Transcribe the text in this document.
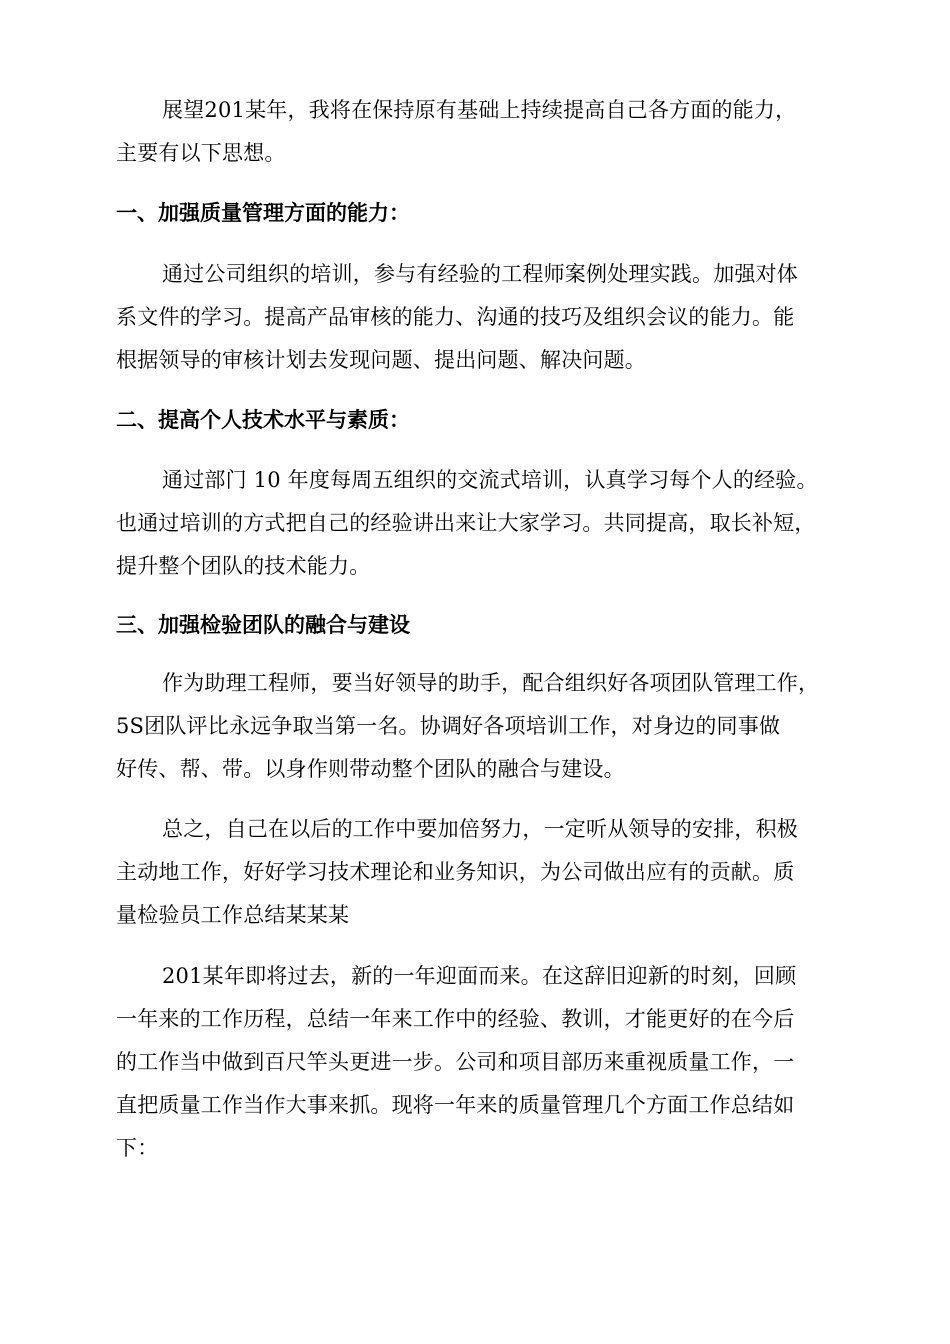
展望201某年，我将在保持原有基础上持续提高自己各方面的能力，
主要有以下思想。

一、加强质量管理方面的能力：

通过公司组织的培训，参与有经验的工程师案例处理实践。加强对体
系文件的学习。提高产品审核的能力、沟通的技巧及组织会议的能力。能
根据领导的审核计划去发现问题、提出问题、解决问题。

二、提高个人技术水平与素质：

通过部门 10 年度每周五组织的交流式培训，认真学习每个人的经验。
也通过培训的方式把自己的经验讲出来让大家学习。共同提高，取长补短，
提升整个团队的技术能力。

三、加强检验团队的融合与建设

作为助理工程师，要当好领导的助手，配合组织好各项团队管理工作，
5S团队评比永远争取当第一名。协调好各项培训工作，对身边的同事做
好传、帮、带。以身作则带动整个团队的融合与建设。

总之，自己在以后的工作中要加倍努力，一定听从领导的安排，积极
主动地工作，好好学习技术理论和业务知识，为公司做出应有的贡献。质
量检验员工作总结某某某

201某年即将过去，新的一年迎面而来。在这辞旧迎新的时刻，回顾
一年来的工作历程，总结一年来工作中的经验、教训，才能更好的在今后
的工作当中做到百尺竿头更进一步。公司和项目部历来重视质量工作，一
直把质量工作当作大事来抓。现将一年来的质量管理几个方面工作总结如
下：
